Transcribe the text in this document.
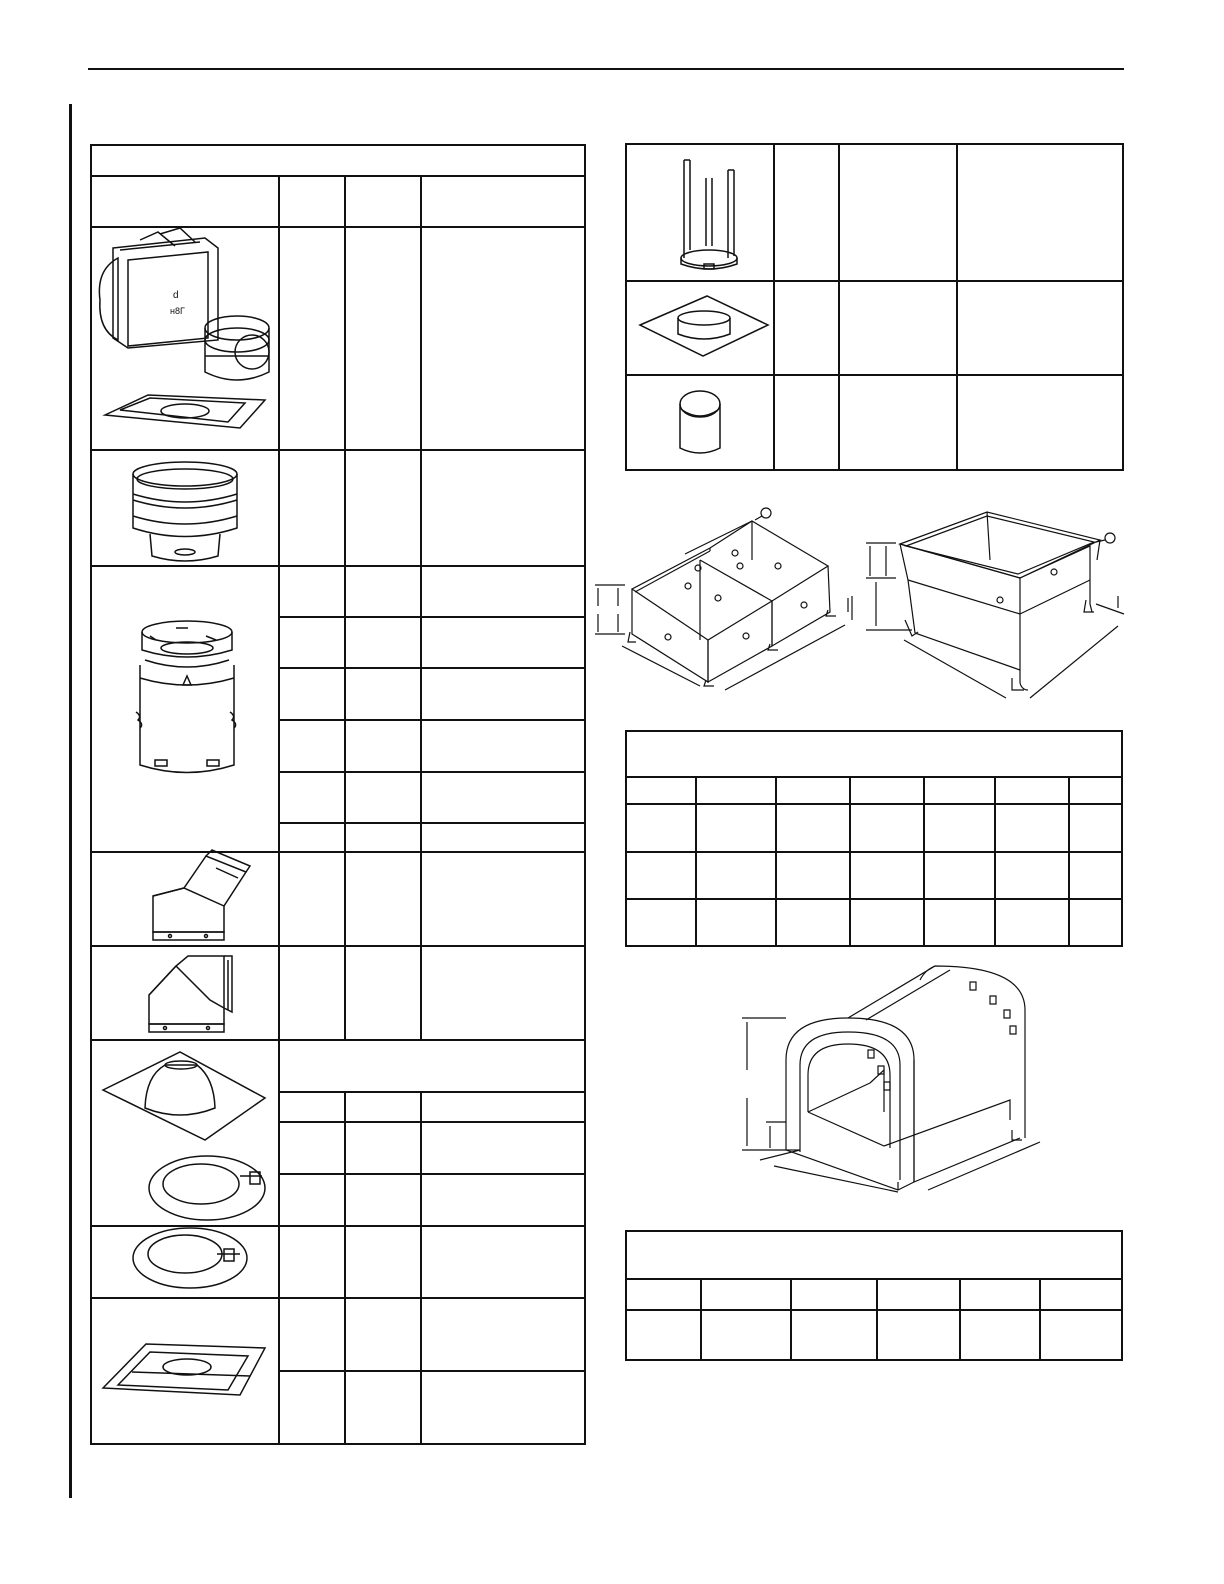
d
н8Г
